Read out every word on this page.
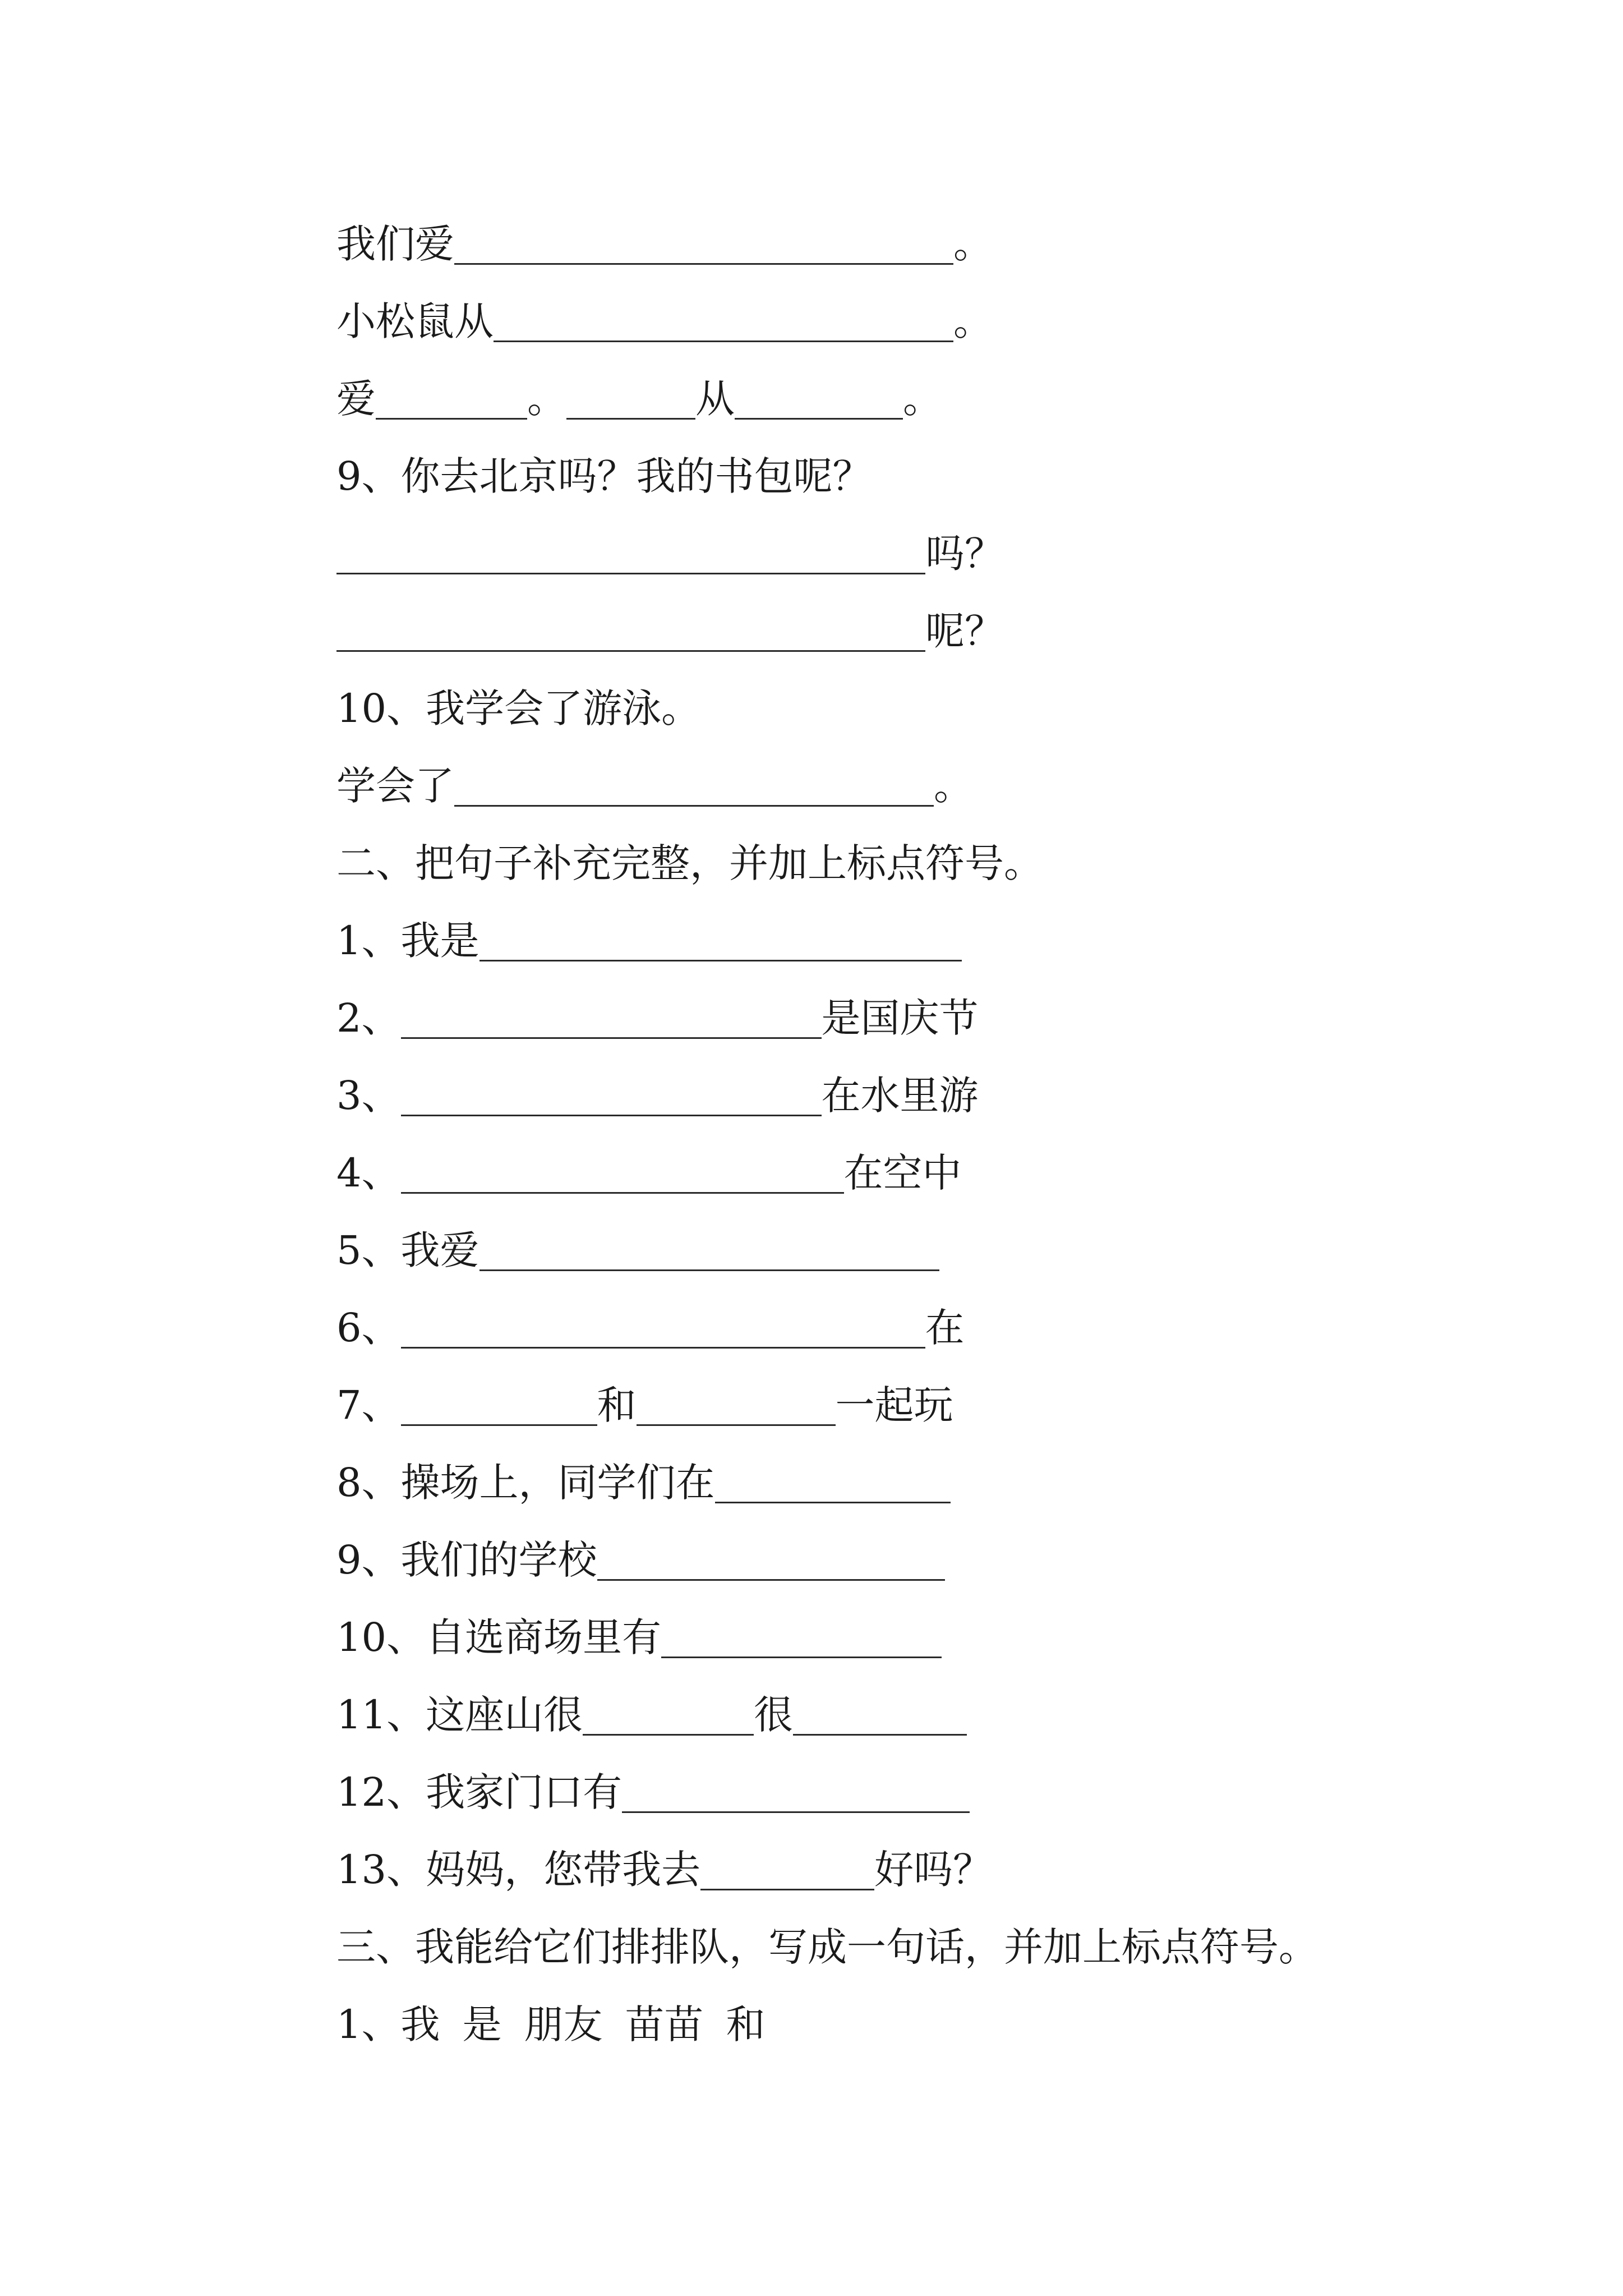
我们爱	。
小松鼠从	。
爱	。	从	。
9、你去北京吗？我的书包呢？
吗？
呢？
10、我学会了游泳。
学会了	。
二、把句子补充完整，并加上标点符号。
1、我是
2、	是国庆节
3、	在水里游
4、	在空中
5、我爱
6、	在
7、	和	一起玩
8、操场上，同学们在
9、我们的学校
10、自选商场里有
11、这座山很	很
12、我家门口有
13、妈妈，您带我去	好吗？
三、我能给它们排排队，写成一句话，并加上标点符号。
1、 我 是 朋友 苗苗 和
